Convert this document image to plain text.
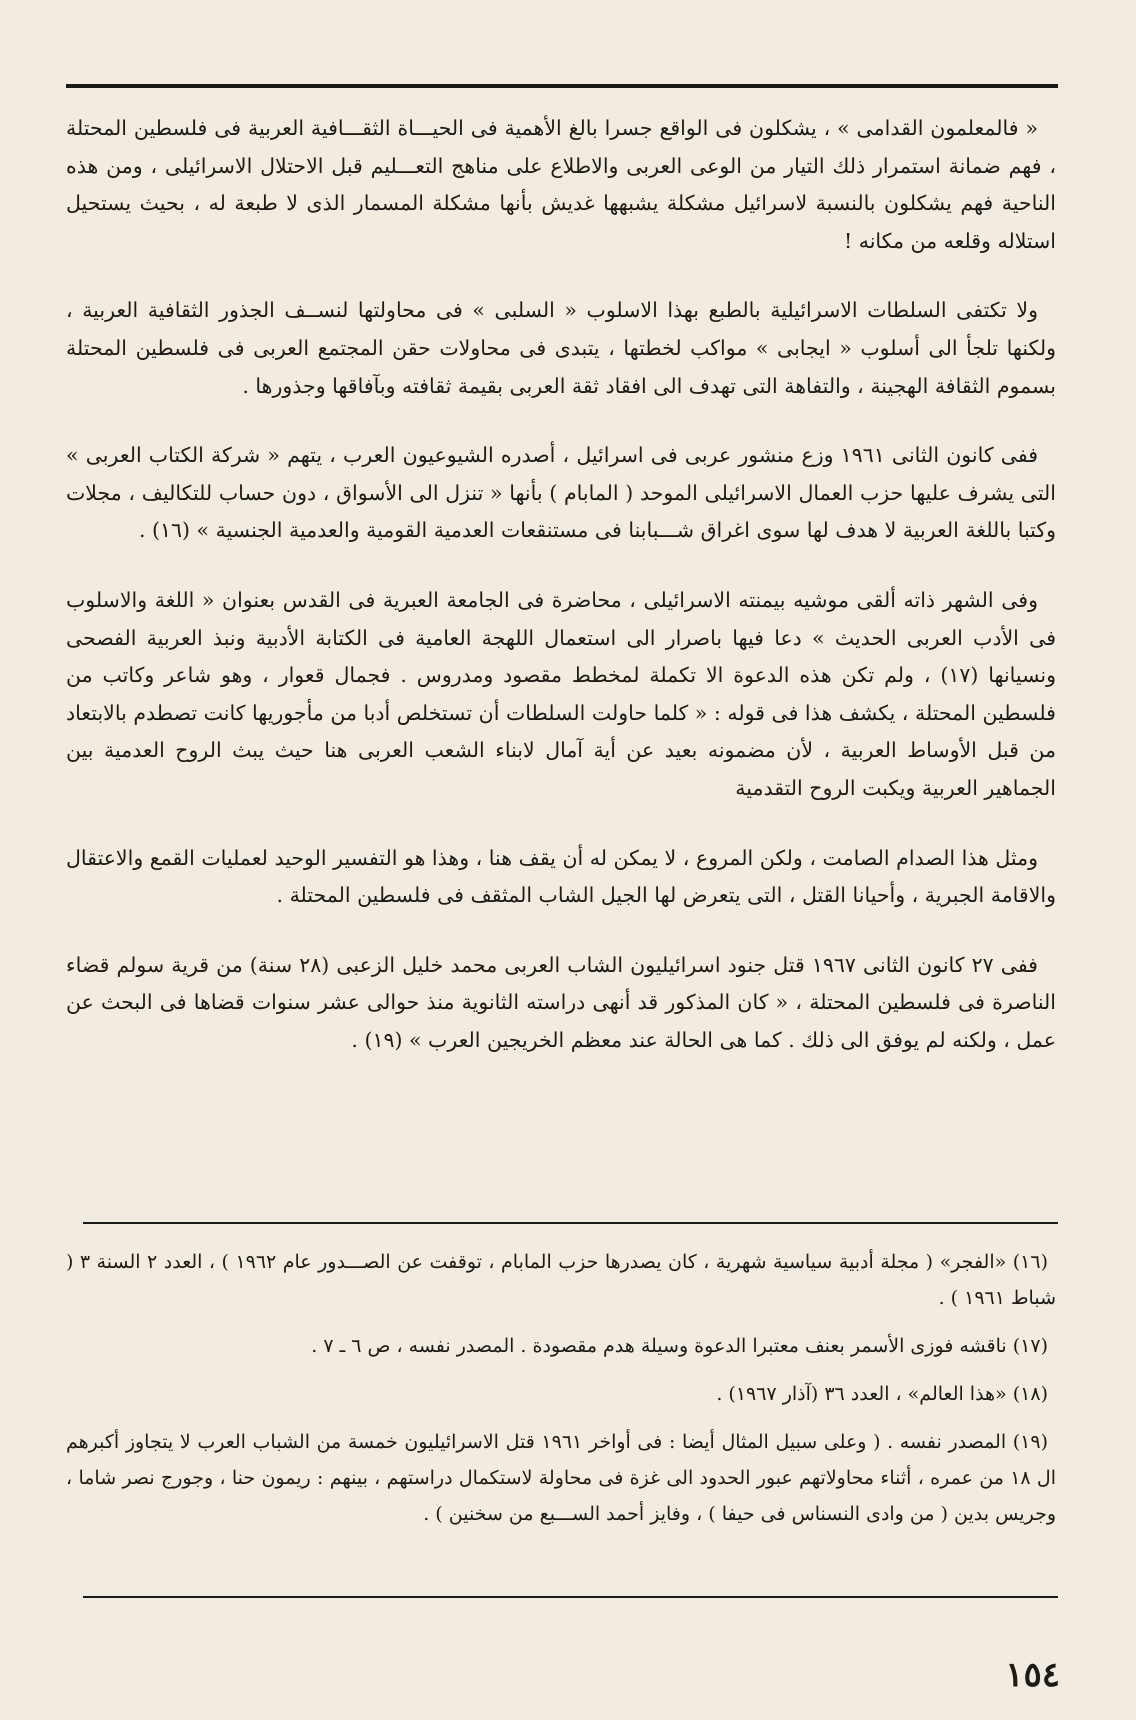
« فالمعلمون القدامى » ، يشكلون فى الواقع جسرا بالغ الأهمية فى الحيـــاة الثقـــافية العربية فى فلسطين المحتلة ، فهم ضمانة استمرار ذلك التيار من الوعى العربى والاطلاع على مناهج التعـــليم قبل الاحتلال الاسرائيلى ، ومن هذه الناحية فهم يشكلون بالنسبة لاسرائيل مشكلة يشبهها غديش بأنها مشكلة المسمار الذى لا طبعة له ، بحيث يستحيل استلاله وقلعه من مكانه !

ولا تكتفى السلطات الاسرائيلية بالطبع بهذا الاسلوب « السلبى » فى محاولتها لنســف الجذور الثقافية العربية ، ولكنها تلجأ الى أسلوب « ايجابى » مواكب لخطتها ، يتبدى فى محاولات حقن المجتمع العربى فى فلسطين المحتلة بسموم الثقافة الهجينة ، والتفاهة التى تهدف الى افقاد ثقة العربى بقيمة ثقافته وبآفاقها وجذورها .

ففى كانون الثانى ١٩٦١ وزع منشور عربى فى اسرائيل ، أصدره الشيوعيون العرب ، يتهم « شركة الكتاب العربى » التى يشرف عليها حزب العمال الاسرائيلى الموحد ( المابام ) بأنها « تنزل الى الأسواق ، دون حساب للتكاليف ، مجلات وكتبا باللغة العربية لا هدف لها سوى اغراق شـــبابنا فى مستنقعات العدمية القومية والعدمية الجنسية » (١٦) .

وفى الشهر ذاته ألقى موشيه بيمنته الاسرائيلى ، محاضرة فى الجامعة العبرية فى القدس بعنوان « اللغة والاسلوب فى الأدب العربى الحديث » دعا فيها باصرار الى استعمال اللهجة العامية فى الكتابة الأدبية ونبذ العربية الفصحى ونسيانها (١٧) ، ولم تكن هذه الدعوة الا تكملة لمخطط مقصود ومدروس . فجمال قعوار ، وهو شاعر وكاتب من فلسطين المحتلة ، يكشف هذا فى قوله : « كلما حاولت السلطات أن تستخلص أدبا من مأجوريها كانت تصطدم بالابتعاد من قبل الأوساط العربية ، لأن مضمونه بعيد عن أية آمال لابناء الشعب العربى هنا حيث يبث الروح العدمية بين الجماهير العربية ويكبت الروح التقدمية

ومثل هذا الصدام الصامت ، ولكن المروع ، لا يمكن له أن يقف هنا ، وهذا هو التفسير الوحيد لعمليات القمع والاعتقال والاقامة الجبرية ، وأحيانا القتل ، التى يتعرض لها الجيل الشاب المثقف فى فلسطين المحتلة .

ففى ٢٧ كانون الثانى ١٩٦٧ قتل جنود اسرائيليون الشاب العربى محمد خليل الزعبى (٢٨ سنة) من قرية سولم قضاء الناصرة فى فلسطين المحتلة ، « كان المذكور قد أنهى دراسته الثانوية منذ حوالى عشر سنوات قضاها فى البحث عن عمل ، ولكنه لم يوفق الى ذلك . كما هى الحالة عند معظم الخريجين العرب » (١٩) .

(١٦) «الفجر» ( مجلة أدبية سياسية شهرية ، كان يصدرها حزب المابام ، توقفت عن الصـــدور عام ١٩٦٢ ) ، العدد ٢ السنة ٣ ( شباط ١٩٦١ ) .

(١٧) ناقشه فوزى الأسمر بعنف معتبرا الدعوة وسيلة هدم مقصودة . المصدر نفسه ، ص ٦ ـ ٧ .

(١٨) «هذا العالم» ، العدد ٣٦ (آذار ١٩٦٧) .

(١٩) المصدر نفسه . ( وعلى سبيل المثال أيضا : فى أواخر ١٩٦١ قتل الاسرائيليون خمسة من الشباب العرب لا يتجاوز أكبرهم ال ١٨ من عمره ، أثناء محاولاتهم عبور الحدود الى غزة فى محاولة لاستكمال دراستهم ، بينهم : ريمون حنا ، وجورج نصر شاما ، وجريس بدين ( من وادى النسناس فى حيفا ) ، وفايز أحمد الســـبع من سخنين ) .

١٥٤
